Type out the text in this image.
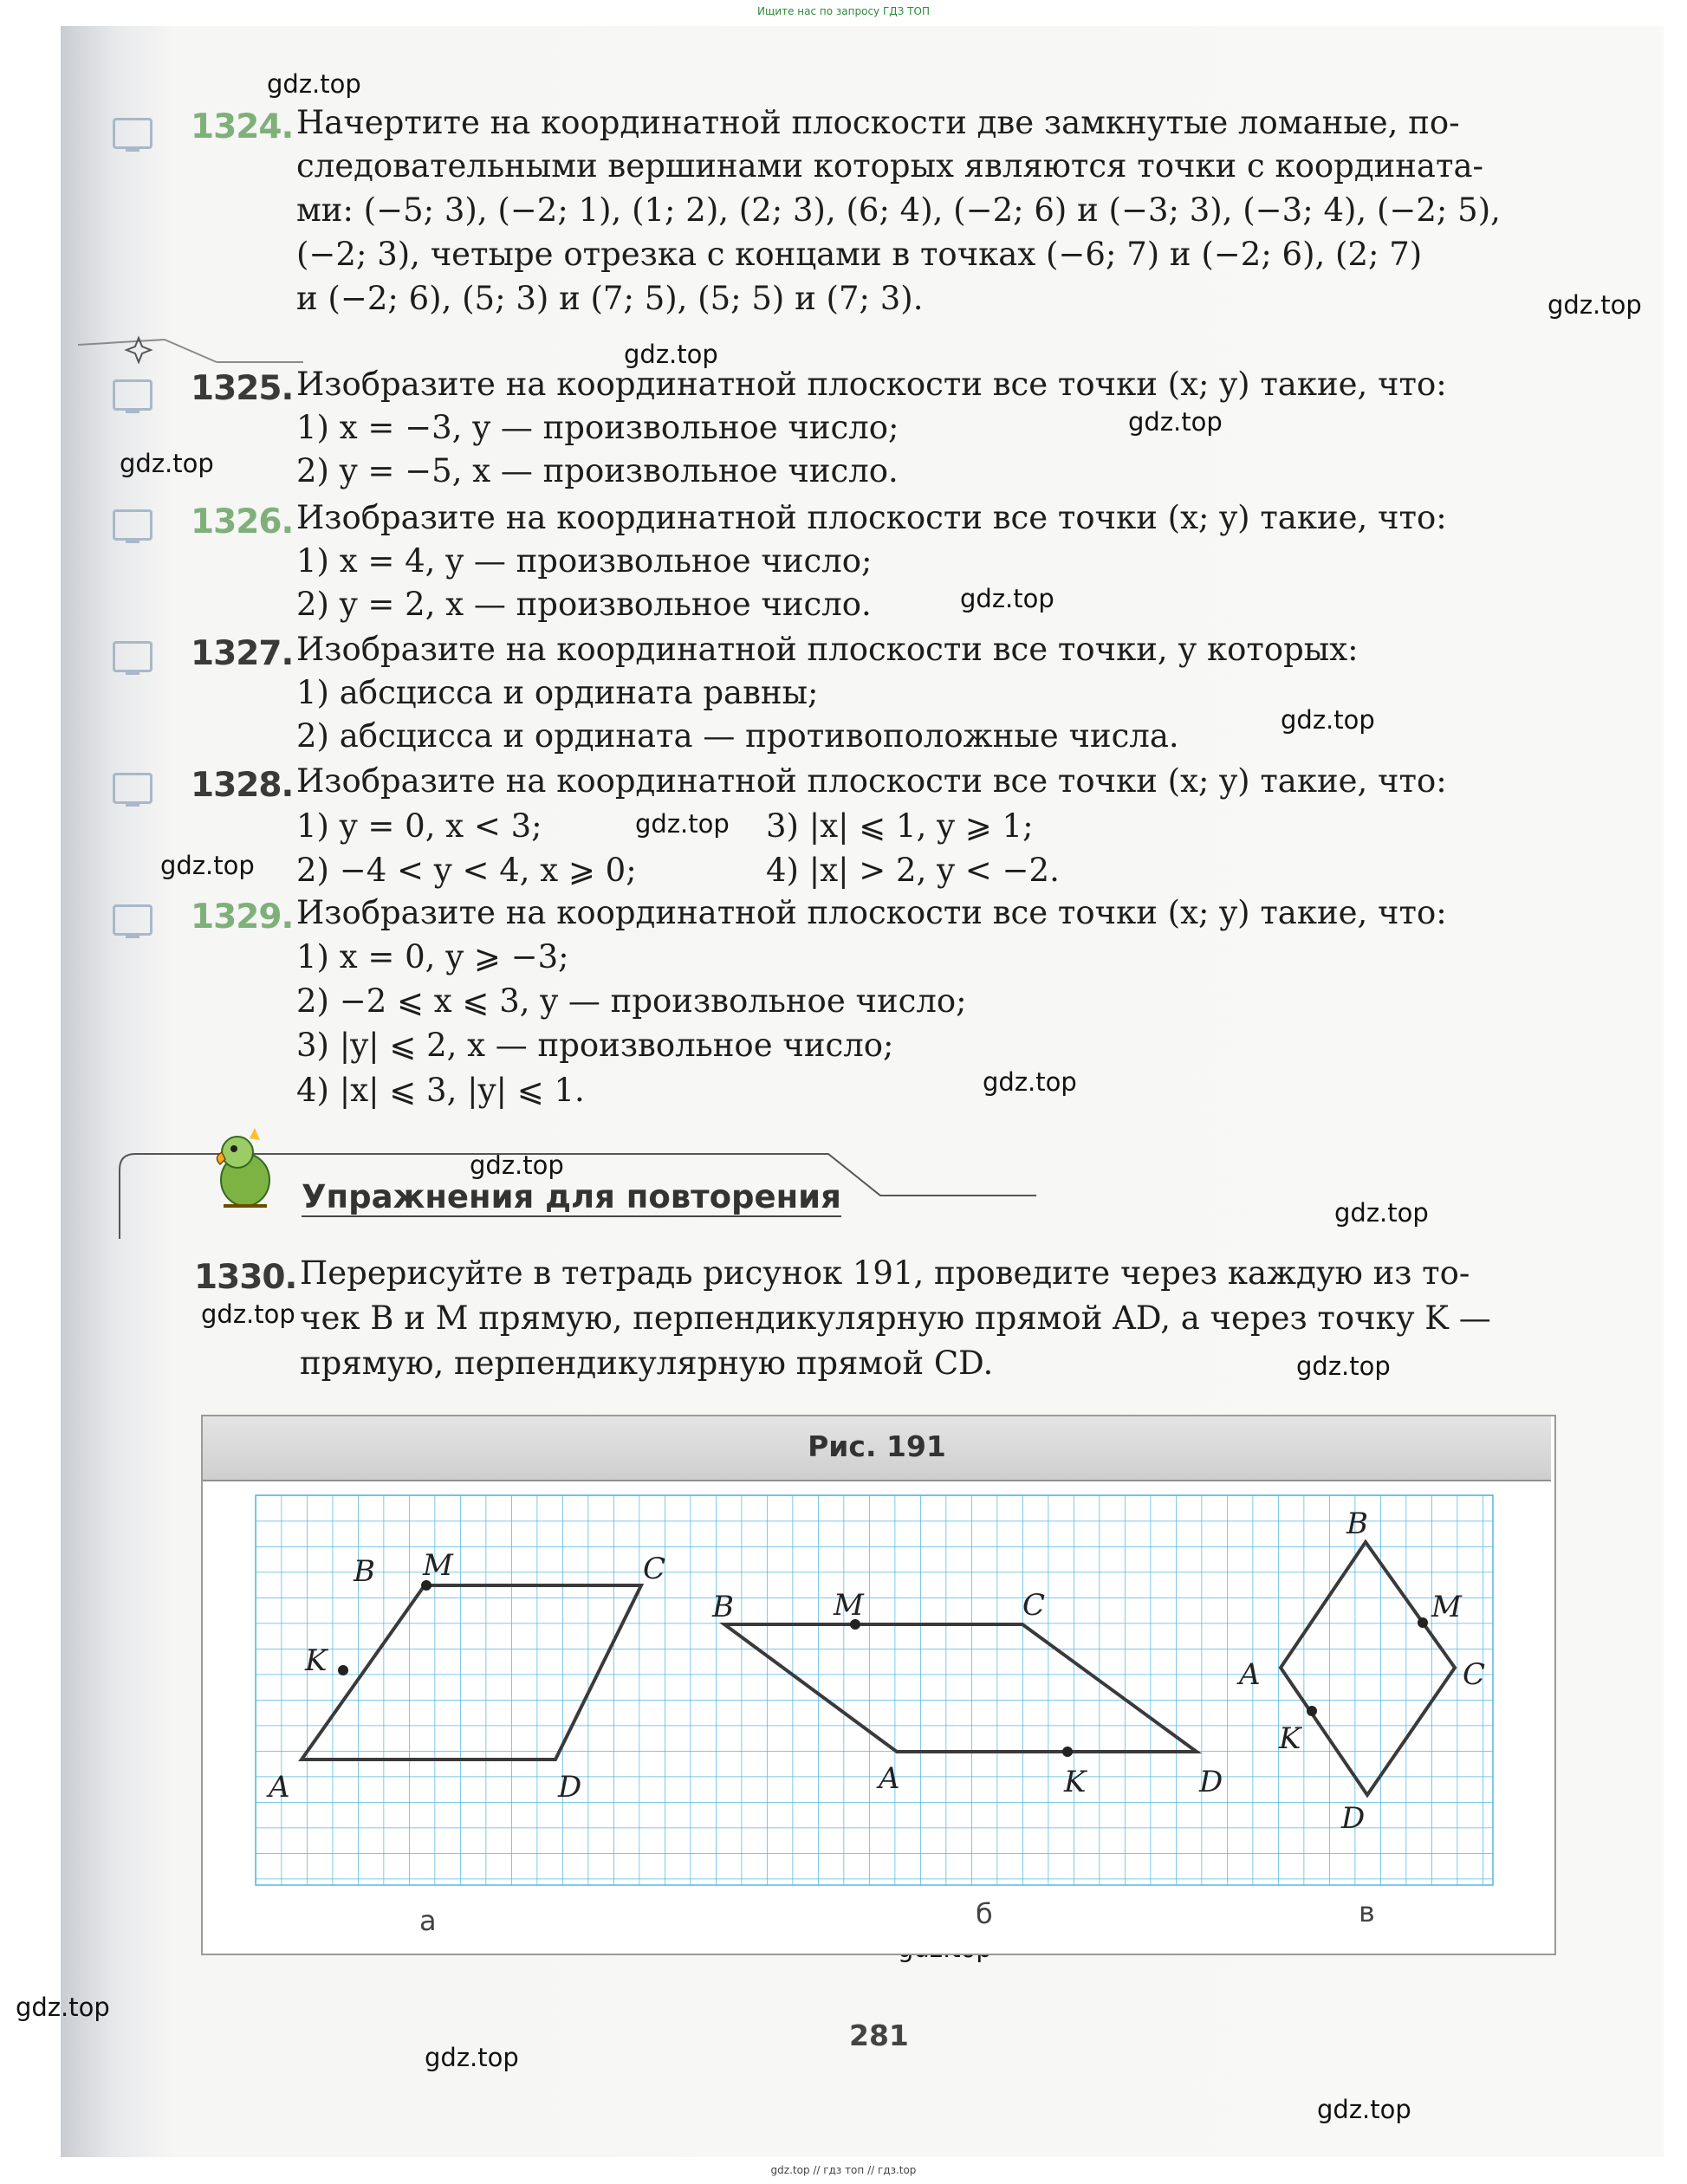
Ищите нас по запросу ГДЗ ТОП
gdz.top
gdz.top
gdz.top
gdz.top
gdz.top
gdz.top
gdz.top
gdz.top
gdz.top
gdz.top
gdz.top
gdz.top
gdz.top
gdz.top
gdz.top
gdz.top
gdz.top
1324. Начертите на координатной плоскости две замкнутые ломаные, по-
следовательными вершинами которых являются точки с координата-
ми: (−5; 3), (−2; 1), (1; 2), (2; 3), (6; 4), (−2; 6) и (−3; 3), (−3; 4), (−2; 5),
(−2; 3), четыре отрезка с концами в точках (−6; 7) и (−2; 6), (2; 7)
и (−2; 6), (5; 3) и (7; 5), (5; 5) и (7; 3).
1325. Изобразите на координатной плоскости все точки (x; y) такие, что:
1) x = −3, y — произвольное число;
2) y = −5, x — произвольное число.
1326. Изобразите на координатной плоскости все точки (x; y) такие, что:
1) x = 4, y — произвольное число;
2) y = 2, x — произвольное число.
1327. Изобразите на координатной плоскости все точки, у которых:
1) абсцисса и ордината равны;
2) абсцисса и ордината — противоположные числа.
1328. Изобразите на координатной плоскости все точки (x; y) такие, что:
1) y = 0, x < 3;
2) −4 < y < 4, x ⩾ 0;
3) |x| ⩽ 1, y ⩾ 1;
4) |x| > 2, y < −2.
1329. Изобразите на координатной плоскости все точки (x; y) такие, что:
1) x = 0, y ⩾ −3;
2) −2 ⩽ x ⩽ 3, y — произвольное число;
3) |y| ⩽ 2, x — произвольное число;
4) |x| ⩽ 3, |y| ⩽ 1.
Упражнения для повторения
1330. Перерисуйте в тетрадь рисунок 191, проведите через каждую из то-
чек B и M прямую, перпендикулярную прямой AD, а через точку K —
прямую, перпендикулярную прямой CD.
Рис. 191
B M	C
K
A	D
а
B	M	C
A	K	D
б
B
M
C
A
K
D
в
281
gdz.top // гдз топ // гдз.top
